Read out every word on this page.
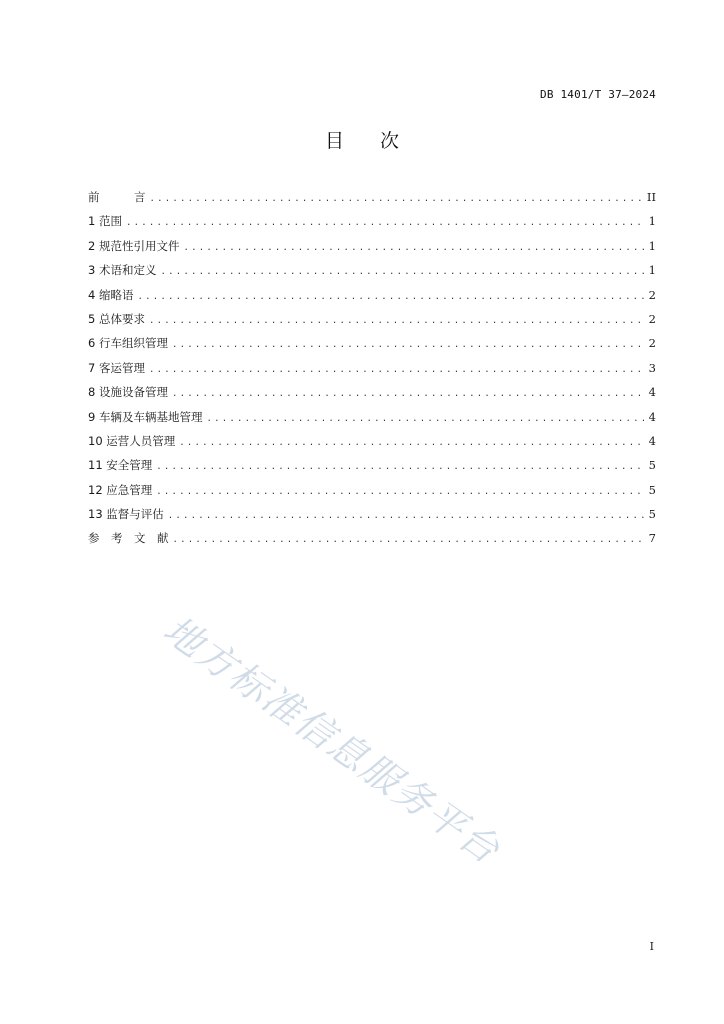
DB 1401/T 37—2024
目 次
前　　　言 .....	II
1 范围 .....	1
2 规范性引用文件 .....	1
3 术语和定义 .....	1
4 缩略语 .....	2
5 总体要求 .....	2
6 行车组织管理 .....	2
7 客运管理 .....	3
8 设施设备管理 .....	4
9 车辆及车辆基地管理 .....	4
10 运营人员管理 .....	4
11 安全管理 .....	5
12 应急管理 .....	5
13 监督与评估 .....	5
参　考　文　献 .....	7
地方标准信息服务平台
I
